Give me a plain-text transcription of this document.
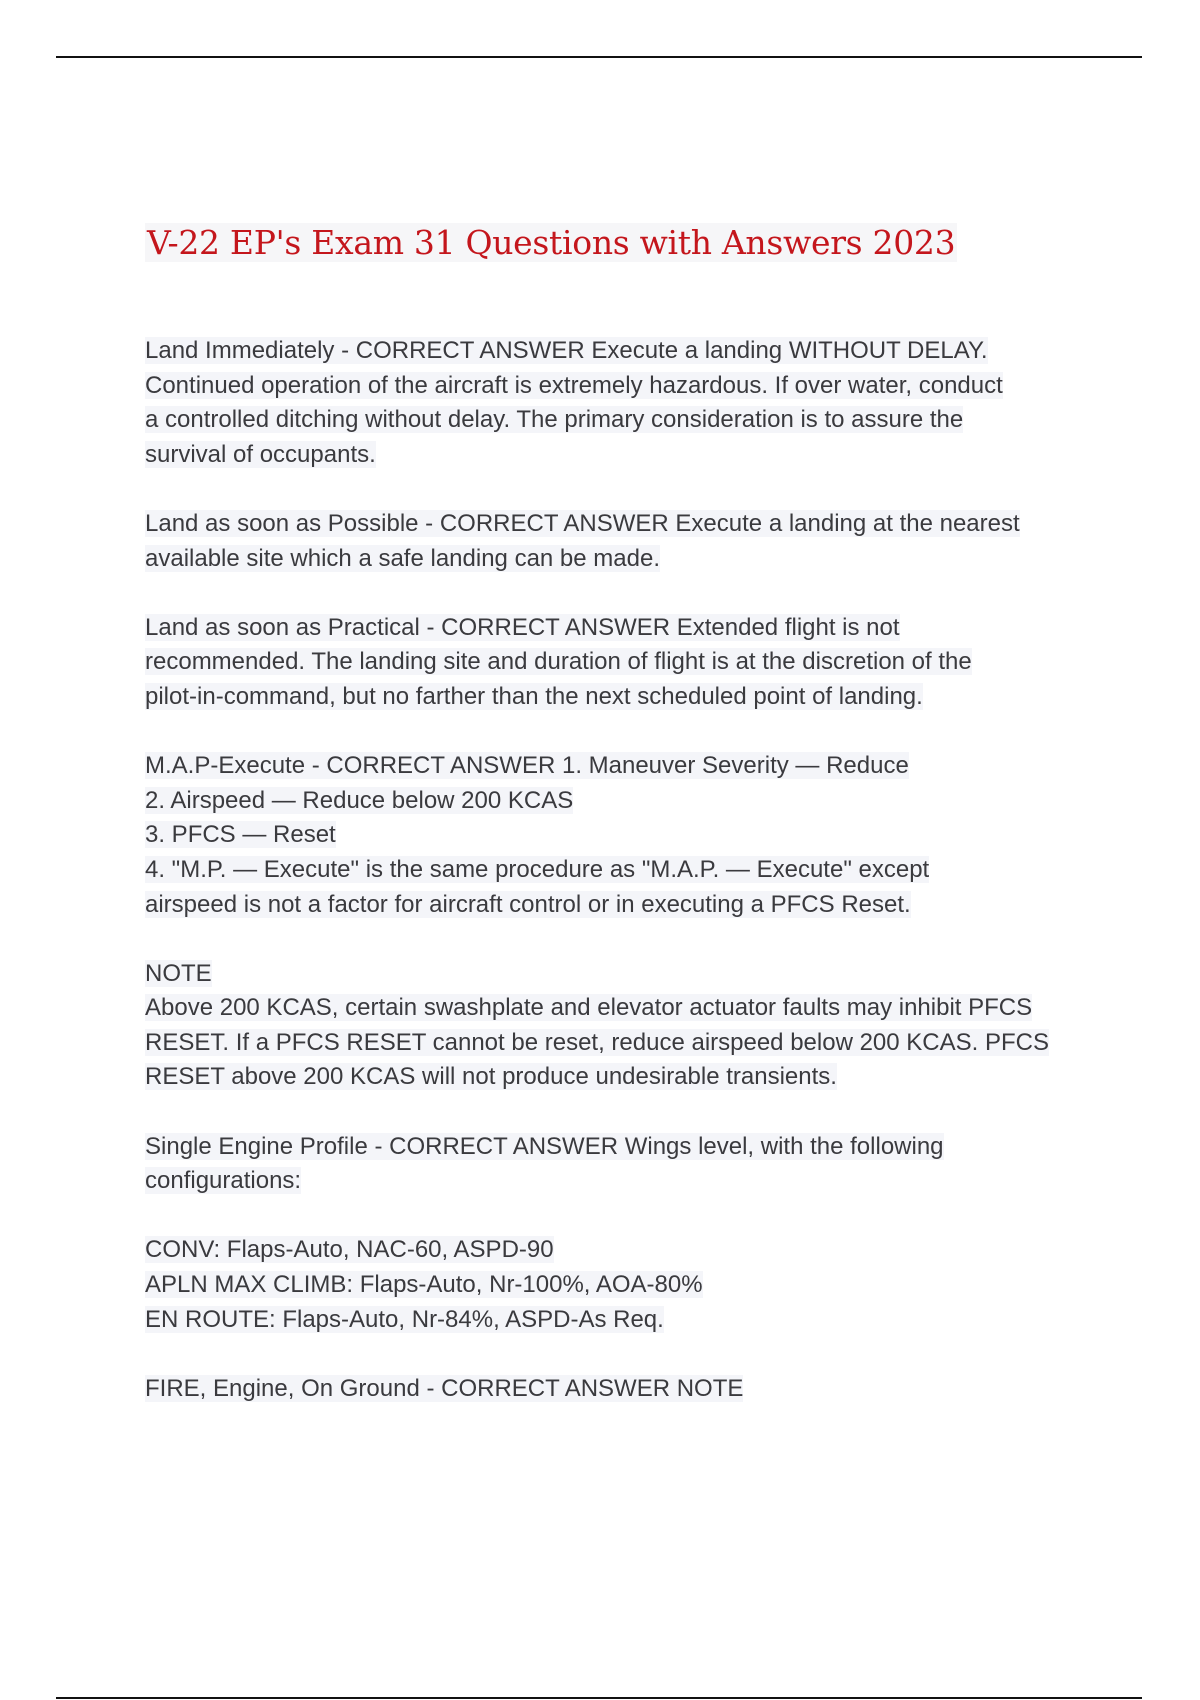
V-22 EP's Exam 31 Questions with Answers 2023
Land Immediately - CORRECT ANSWER Execute a landing WITHOUT DELAY.
Continued operation of the aircraft is extremely hazardous. If over water, conduct
a controlled ditching without delay. The primary consideration is to assure the
survival of occupants.
Land as soon as Possible - CORRECT ANSWER Execute a landing at the nearest
available site which a safe landing can be made.
Land as soon as Practical - CORRECT ANSWER Extended flight is not
recommended. The landing site and duration of flight is at the discretion of the
pilot-in-command, but no farther than the next scheduled point of landing.
M.A.P-Execute - CORRECT ANSWER 1. Maneuver Severity — Reduce
2. Airspeed — Reduce below 200 KCAS
3. PFCS — Reset
4. "M.P. — Execute" is the same procedure as "M.A.P. — Execute" except
airspeed is not a factor for aircraft control or in executing a PFCS Reset.
NOTE
Above 200 KCAS, certain swashplate and elevator actuator faults may inhibit PFCS
RESET. If a PFCS RESET cannot be reset, reduce airspeed below 200 KCAS. PFCS
RESET above 200 KCAS will not produce undesirable transients.
Single Engine Profile - CORRECT ANSWER Wings level, with the following
configurations:
CONV: Flaps-Auto, NAC-60, ASPD-90
APLN MAX CLIMB: Flaps-Auto, Nr-100%, AOA-80%
EN ROUTE: Flaps-Auto, Nr-84%, ASPD-As Req.
FIRE, Engine, On Ground - CORRECT ANSWER NOTE
